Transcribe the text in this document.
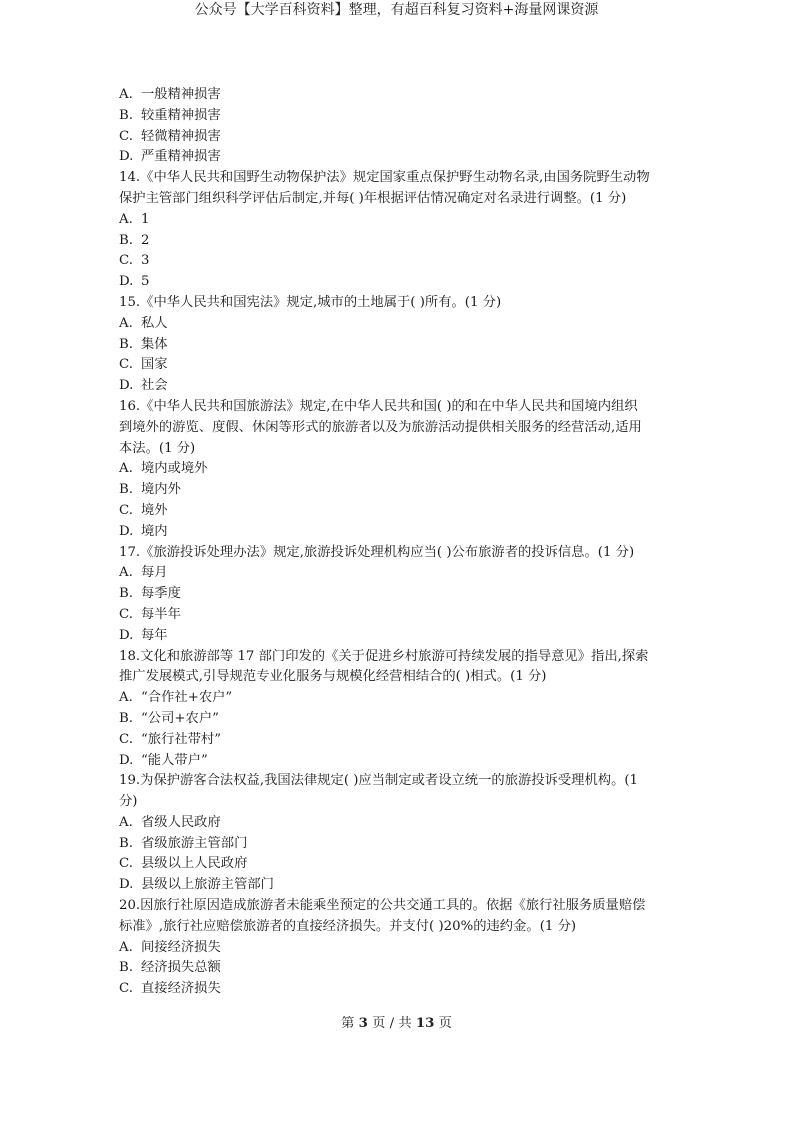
公众号【大学百科资料】整理，有超百科复习资料+海量网课资源
A. 一般精神损害
B. 较重精神损害
C. 轻微精神损害
D. 严重精神损害
14.《中华人民共和国野生动物保护法》规定国家重点保护野生动物名录,由国务院野生动物
保护主管部门组织科学评估后制定,并每( )年根据评估情况确定对名录进行调整。(1 分)
A. 1
B. 2
C. 3
D. 5
15.《中华人民共和国宪法》规定,城市的土地属于( )所有。(1 分)
A. 私人
B. 集体
C. 国家
D. 社会
16.《中华人民共和国旅游法》规定,在中华人民共和国( )的和在中华人民共和国境内组织
到境外的游览、度假、休闲等形式的旅游者以及为旅游活动提供相关服务的经营活动,适用
本法。(1 分)
A. 境内或境外
B. 境内外
C. 境外
D. 境内
17.《旅游投诉处理办法》规定,旅游投诉处理机构应当( )公布旅游者的投诉信息。(1 分)
A. 每月
B. 每季度
C. 每半年
D. 每年
18.文化和旅游部等 17 部门印发的《关于促进乡村旅游可持续发展的指导意见》指出,探索
推广发展模式,引导规范专业化服务与规模化经营相结合的( )相式。(1 分)
A. “合作社+农户”
B. “公司+农户”
C. “旅行社带村”
D. “能人带户”
19.为保护游客合法权益,我国法律规定( )应当制定或者设立统一的旅游投诉受理机构。(1
分)
A. 省级人民政府
B. 省级旅游主管部门
C. 县级以上人民政府
D. 县级以上旅游主管部门
20.因旅行社原因造成旅游者未能乘坐预定的公共交通工具的。依据《旅行社服务质量赔偿
标准》,旅行社应赔偿旅游者的直接经济损失。并支付( )20%的违约金。(1 分)
A. 间接经济损失
B. 经济损失总额
C. 直接经济损失
第 3 页 / 共 13 页
